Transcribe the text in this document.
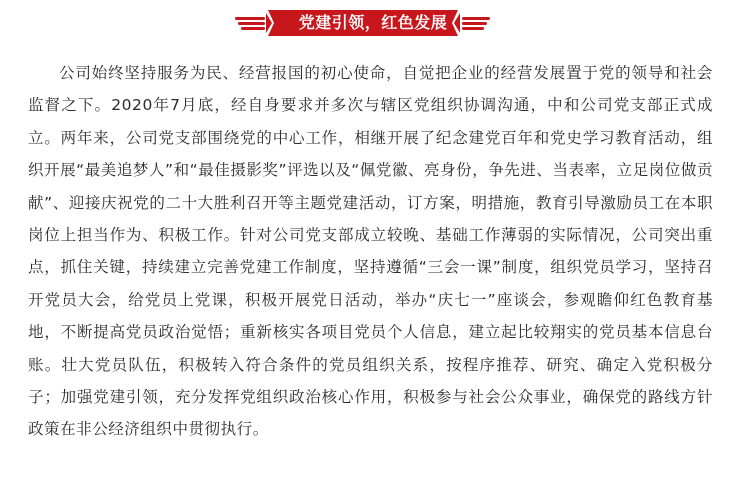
党建引领，红色发展

公司始终坚持服务为民、经营报国的初心使命，自觉把企业的经营发展置于党的领导和社会监督之下。2020年7月底，经自身要求并多次与辖区党组织协调沟通，中和公司党支部正式成立。两年来，公司党支部围绕党的中心工作，相继开展了纪念建党百年和党史学习教育活动，组织开展“最美追梦人”和“最佳摄影奖”评选以及“佩党徽、亮身份，争先进、当表率，立足岗位做贡献”、迎接庆祝党的二十大胜利召开等主题党建活动，订方案，明措施，教育引导激励员工在本职岗位上担当作为、积极工作。针对公司党支部成立较晚、基础工作薄弱的实际情况，公司突出重点，抓住关键，持续建立完善党建工作制度，坚持遵循“三会一课”制度，组织党员学习，坚持召开党员大会，给党员上党课，积极开展党日活动，举办“庆七一”座谈会，参观瞻仰红色教育基地，不断提高党员政治觉悟；重新核实各项目党员个人信息，建立起比较翔实的党员基本信息台账。壮大党员队伍，积极转入符合条件的党员组织关系，按程序推荐、研究、确定入党积极分子；加强党建引领，充分发挥党组织政治核心作用，积极参与社会公众事业，确保党的路线方针政策在非公经济组织中贯彻执行。
